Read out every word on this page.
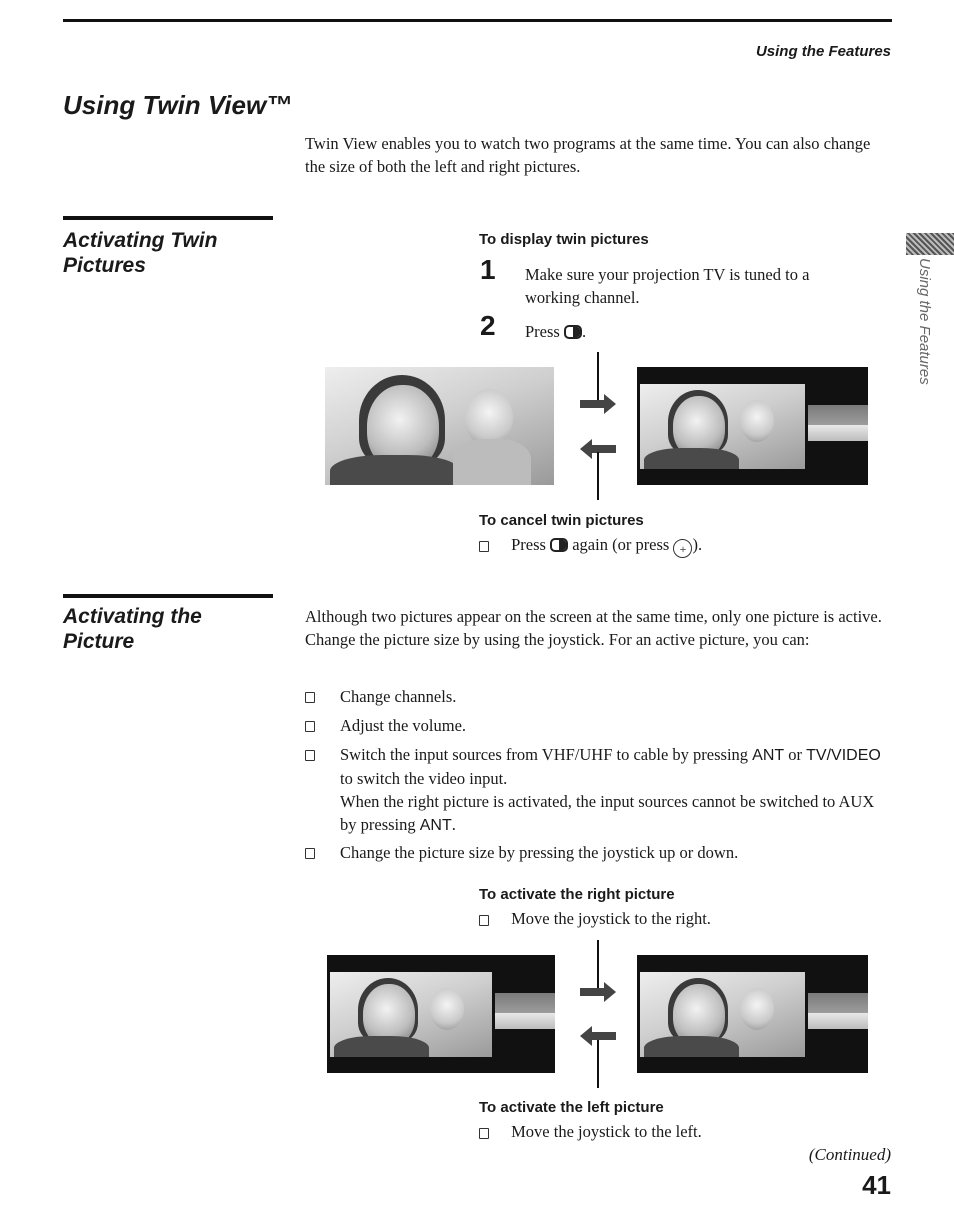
Using the Features
Using the Features
Using Twin View™
Twin View enables you to watch two programs at the same time. You can also change the size of both the left and right pictures.
Activating Twin Pictures
To display twin pictures
1 Make sure your projection TV is tuned to a working channel.
2 Press .
To cancel twin pictures
Press again (or press + ).
Activating the Picture
Although two pictures appear on the screen at the same time, only one picture is active. Change the picture size by using the joystick. For an active picture, you can:
Change channels.
Adjust the volume.
Switch the input sources from VHF/UHF to cable by pressing ANT or TV/VIDEO to switch the video input.
When the right picture is activated, the input sources cannot be switched to AUX by pressing ANT.
Change the picture size by pressing the joystick up or down.
To activate the right picture
Move the joystick to the right.
To activate the left picture
Move the joystick to the left.
(Continued)
41
